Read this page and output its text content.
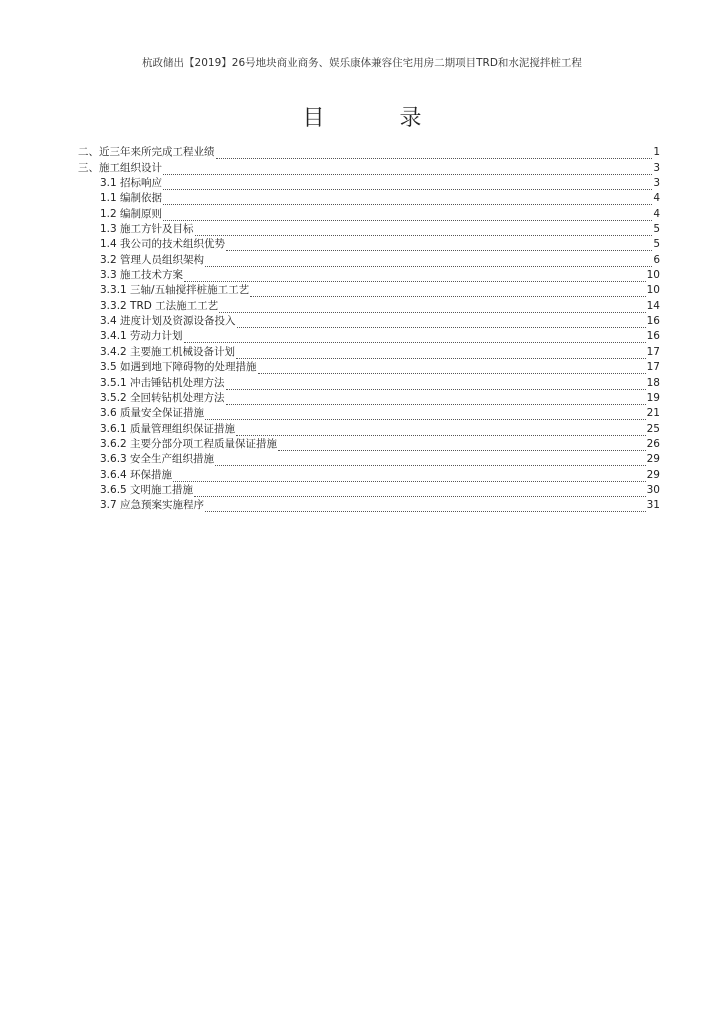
杭政储出【2019】26号地块商业商务、娱乐康体兼容住宅用房二期项目TRD和水泥搅拌桩工程
目 录
二、近三年来所完成工程业绩	1
三、施工组织设计	3
3.1 招标响应	3
1.1 编制依据	4
1.2 编制原则	4
1.3 施工方针及目标	5
1.4 我公司的技术组织优势	5
3.2 管理人员组织架构	6
3.3 施工技术方案	10
3.3.1 三轴/五轴搅拌桩施工工艺	10
3.3.2 TRD 工法施工工艺	14
3.4 进度计划及资源设备投入	16
3.4.1 劳动力计划	16
3.4.2 主要施工机械设备计划	17
3.5 如遇到地下障碍物的处理措施	17
3.5.1 冲击锤钻机处理方法	18
3.5.2 全回转钻机处理方法	19
3.6 质量安全保证措施	21
3.6.1 质量管理组织保证措施	25
3.6.2 主要分部分项工程质量保证措施	26
3.6.3 安全生产组织措施	29
3.6.4 环保措施	29
3.6.5 文明施工措施	30
3.7 应急预案实施程序	31
